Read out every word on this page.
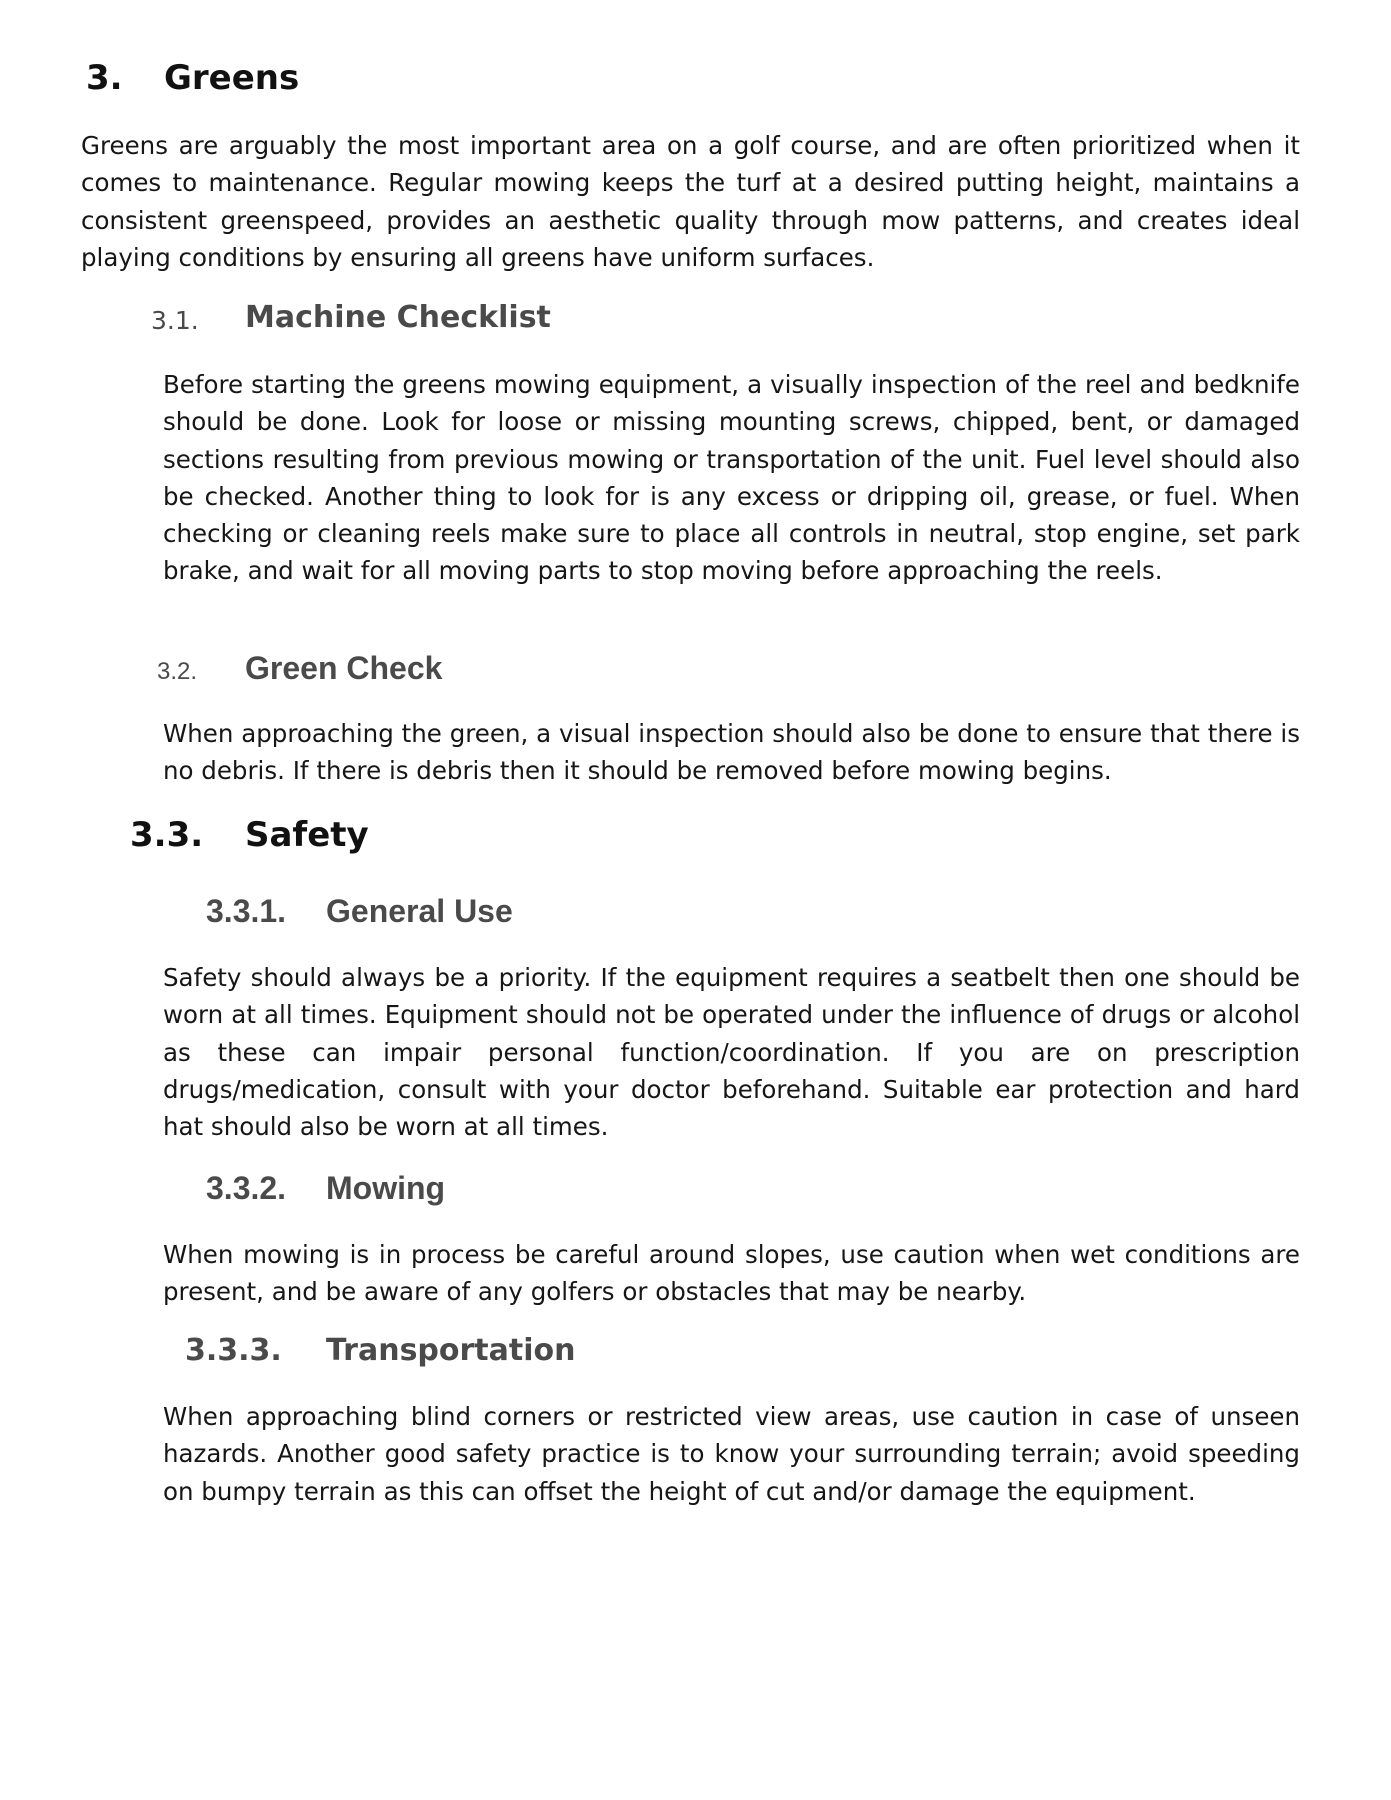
3. Greens

Greens are arguably the most important area on a golf course, and are often prioritized when it comes to maintenance. Regular mowing keeps the turf at a desired putting height, maintains a consistent greenspeed, provides an aesthetic quality through mow patterns, and creates ideal playing conditions by ensuring all greens have uniform surfaces.

3.1. Machine Checklist

Before starting the greens mowing equipment, a visually inspection of the reel and bedknife should be done. Look for loose or missing mounting screws, chipped, bent, or damaged sections resulting from previous mowing or transportation of the unit. Fuel level should also be checked. Another thing to look for is any excess or dripping oil, grease, or fuel. When checking or cleaning reels make sure to place all controls in neutral, stop engine, set park brake, and wait for all moving parts to stop moving before approaching the reels.

3.2. Green Check

When approaching the green, a visual inspection should also be done to ensure that there is no debris. If there is debris then it should be removed before mowing begins.

3.3. Safety
3.3.1. General Use

Safety should always be a priority. If the equipment requires a seatbelt then one should be worn at all times. Equipment should not be operated under the influence of drugs or alcohol as these can impair personal function/coordination. If you are on prescription drugs/medication, consult with your doctor beforehand. Suitable ear protection and hard hat should also be worn at all times.

3.3.2. Mowing

When mowing is in process be careful around slopes, use caution when wet conditions are present, and be aware of any golfers or obstacles that may be nearby.

3.3.3. Transportation

When approaching blind corners or restricted view areas, use caution in case of unseen hazards. Another good safety practice is to know your surrounding terrain; avoid speeding on bumpy terrain as this can offset the height of cut and/or damage the equipment.
